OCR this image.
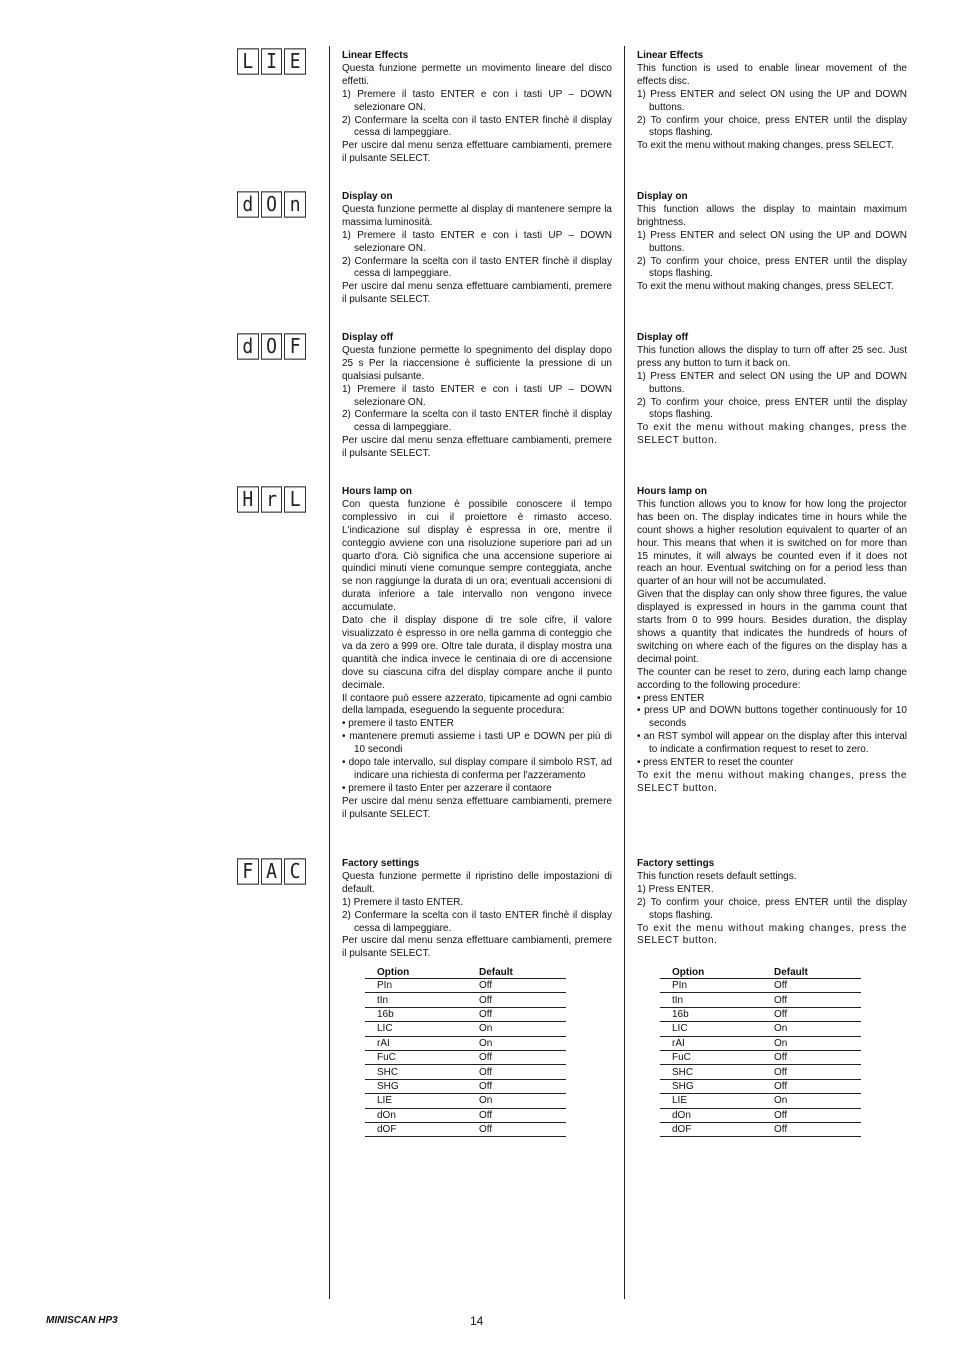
L I E
d O n
d O F
H r L
F A C
Linear Effects

Questa funzione permette un movimento lineare del disco effetti.

1) Premere il tasto ENTER e con i tasti UP – DOWN selezionare ON.

2) Confermare la scelta con il tasto ENTER finchè il display cessa di lampeggiare.

Per uscire dal menu senza effettuare cambiamenti, premere il pulsante SELECT.

Linear Effects

This function is used to enable linear movement of the effects disc.

1) Press ENTER and select ON using the UP and DOWN buttons.

2) To confirm your choice, press ENTER until the display stops flashing.

To exit the menu without making changes, press SELECT.

Display on

Questa funzione permette al display di mantenere sempre la massima luminosità.

1) Premere il tasto ENTER e con i tasti UP – DOWN selezionare ON.

2) Confermare la scelta con il tasto ENTER finchè il display cessa di lampeggiare.

Per uscire dal menu senza effettuare cambiamenti, premere il pulsante SELECT.

Display on

This function allows the display to maintain maximum brightness.

1) Press ENTER and select ON using the UP and DOWN buttons.

2) To confirm your choice, press ENTER until the display stops flashing.

To exit the menu without making changes, press SELECT.

Display off

Questa funzione permette lo spegnimento del display dopo 25 s Per la riaccensione è sufficiente la pressione di un qualsiasi pulsante.

1) Premere il tasto ENTER e con i tasti UP – DOWN selezionare ON.

2) Confermare la scelta con il tasto ENTER finchè il display cessa di lampeggiare.

Per uscire dal menu senza effettuare cambiamenti, premere il pulsante SELECT.

Display off

This function allows the display to turn off after 25 sec. Just press any button to turn it back on.

1) Press ENTER and select ON using the UP and DOWN buttons.

2) To confirm your choice, press ENTER until the display stops flashing.

To exit the menu without making changes, press the SELECT button.

Hours lamp on

Con questa funzione è possibile conoscere il tempo complessivo in cui il proiettore è rimasto acceso. L'indicazione sul display è espressa in ore, mentre il conteggio avviene con una risoluzione superiore pari ad un quarto d'ora. Ciò significa che una accensione superiore ai quindici minuti viene comunque sempre conteggiata, anche se non raggiunge la durata di un ora; eventuali accensioni di durata inferiore a tale intervallo non vengono invece accumulate.

Dato che il display dispone di tre sole cifre, il valore visualizzato è espresso in ore nella gamma di conteggio che va da zero a 999 ore. Oltre tale durata, il display mostra una quantità che indica invece le centinaia di ore di accensione dove su ciascuna cifra del display compare anche il punto decimale.

Il contaore può essere azzerato, tipicamente ad ogni cambio della lampada, eseguendo la seguente procedura:

• premere il tasto ENTER

• mantenere premuti assieme i tasti UP e DOWN per più di 10 secondi

• dopo tale intervallo, sul display compare il simbolo RST, ad indicare una richiesta di conferma per l'azzeramento

• premere il tasto Enter per azzerare il contaore

Per uscire dal menu senza effettuare cambiamenti, premere il pulsante SELECT.

Hours lamp on

This function allows you to know for how long the projector has been on. The display indicates time in hours while the count shows a higher resolution equivalent to quarter of an hour. This means that when it is switched on for more than 15 minutes, it will always be counted even if it does not reach an hour. Eventual switching on for a period less than quarter of an hour will not be accumulated.

Given that the display can only show three figures, the value displayed is expressed in hours in the gamma count that starts from 0 to 999 hours. Besides duration, the display shows a quantity that indicates the hundreds of hours of switching on where each of the figures on the display has a decimal point.

The counter can be reset to zero, during each lamp change according to the following procedure:

• press ENTER

• press UP and DOWN buttons together continuously for 10 seconds

• an RST symbol will appear on the display after this interval to indicate a confirmation request to reset to zero.

• press ENTER to reset the counter

To exit the menu without making changes, press the SELECT button.

Factory settings

Questa funzione permette il ripristino delle impostazioni di default.

1) Premere il tasto ENTER.

2) Confermare la scelta con il tasto ENTER finchè il display cessa di lampeggiare.

Per uscire dal menu senza effettuare cambiamenti, premere il pulsante SELECT.

Factory settings

This function resets default settings.

1) Press ENTER.

2) To confirm your choice, press ENTER until the display stops flashing.

To exit the menu without making changes, press the SELECT button.

Option	Default
PIn	Off
tIn	Off
16b	Off
LIC	On
rAI	On
FuC	Off
SHC	Off
SHG	Off
LIE	On
dOn	Off
dOF	Off
Option	Default
PIn	Off
tIn	Off
16b	Off
LIC	On
rAI	On
FuC	Off
SHC	Off
SHG	Off
LIE	On
dOn	Off
dOF	Off
MINISCAN HP3	14
